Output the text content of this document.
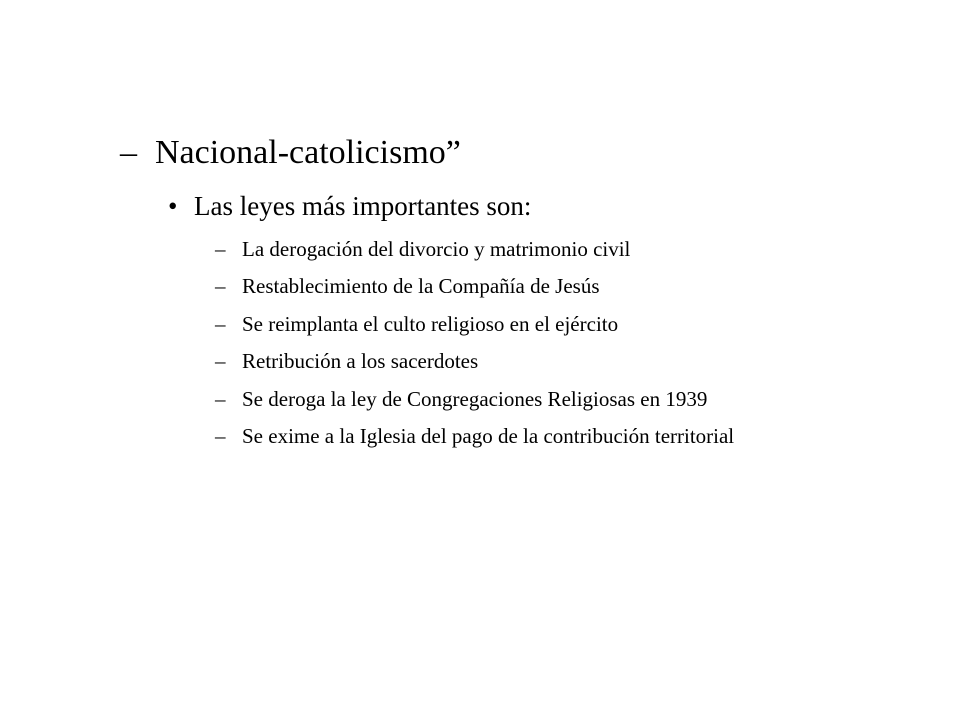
– Nacional-catolicismo”
• Las leyes más importantes son:
– La derogación del divorcio y matrimonio civil
– Restablecimiento de la Compañía de Jesús
– Se reimplanta el culto religioso en el ejército
– Retribución a los sacerdotes
– Se deroga la ley de Congregaciones Religiosas en 1939
– Se exime a la Iglesia del pago de la contribución territorial
